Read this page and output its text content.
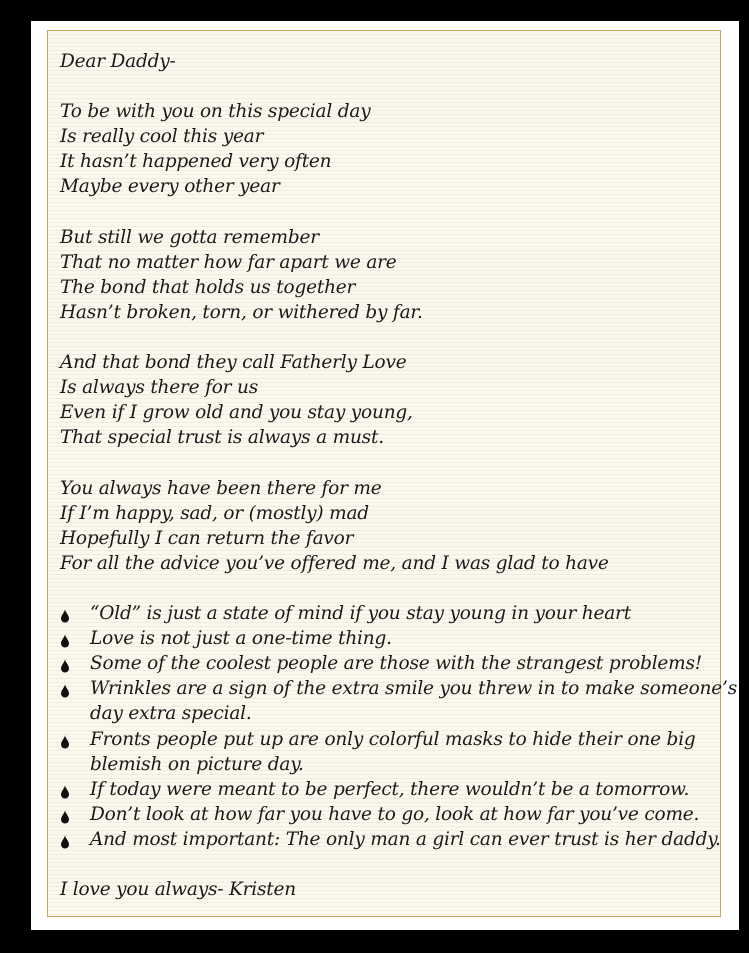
Dear Daddy-
To be with you on this special day
Is really cool this year
It hasn’t happened very often
Maybe every other year
But still we gotta remember
That no matter how far apart we are
The bond that holds us together
Hasn’t broken, torn, or withered by far.
And that bond they call Fatherly Love
Is always there for us
Even if I grow old and you stay young,
That special trust is always a must.
You always have been there for me
If I’m happy, sad, or (mostly) mad
Hopefully I can return the favor
For all the advice you’ve offered me, and I was glad to have
“Old” is just a state of mind if you stay young in your heart
Love is not just a one-time thing.
Some of the coolest people are those with the strangest problems!
Wrinkles are a sign of the extra smile you threw in to make someone’s
day extra special.
Fronts people put up are only colorful masks to hide their one big
blemish on picture day.
If today were meant to be perfect, there wouldn’t be a tomorrow.
Don’t look at how far you have to go, look at how far you’ve come.
And most important: The only man a girl can ever trust is her daddy.
I love you always- Kristen
